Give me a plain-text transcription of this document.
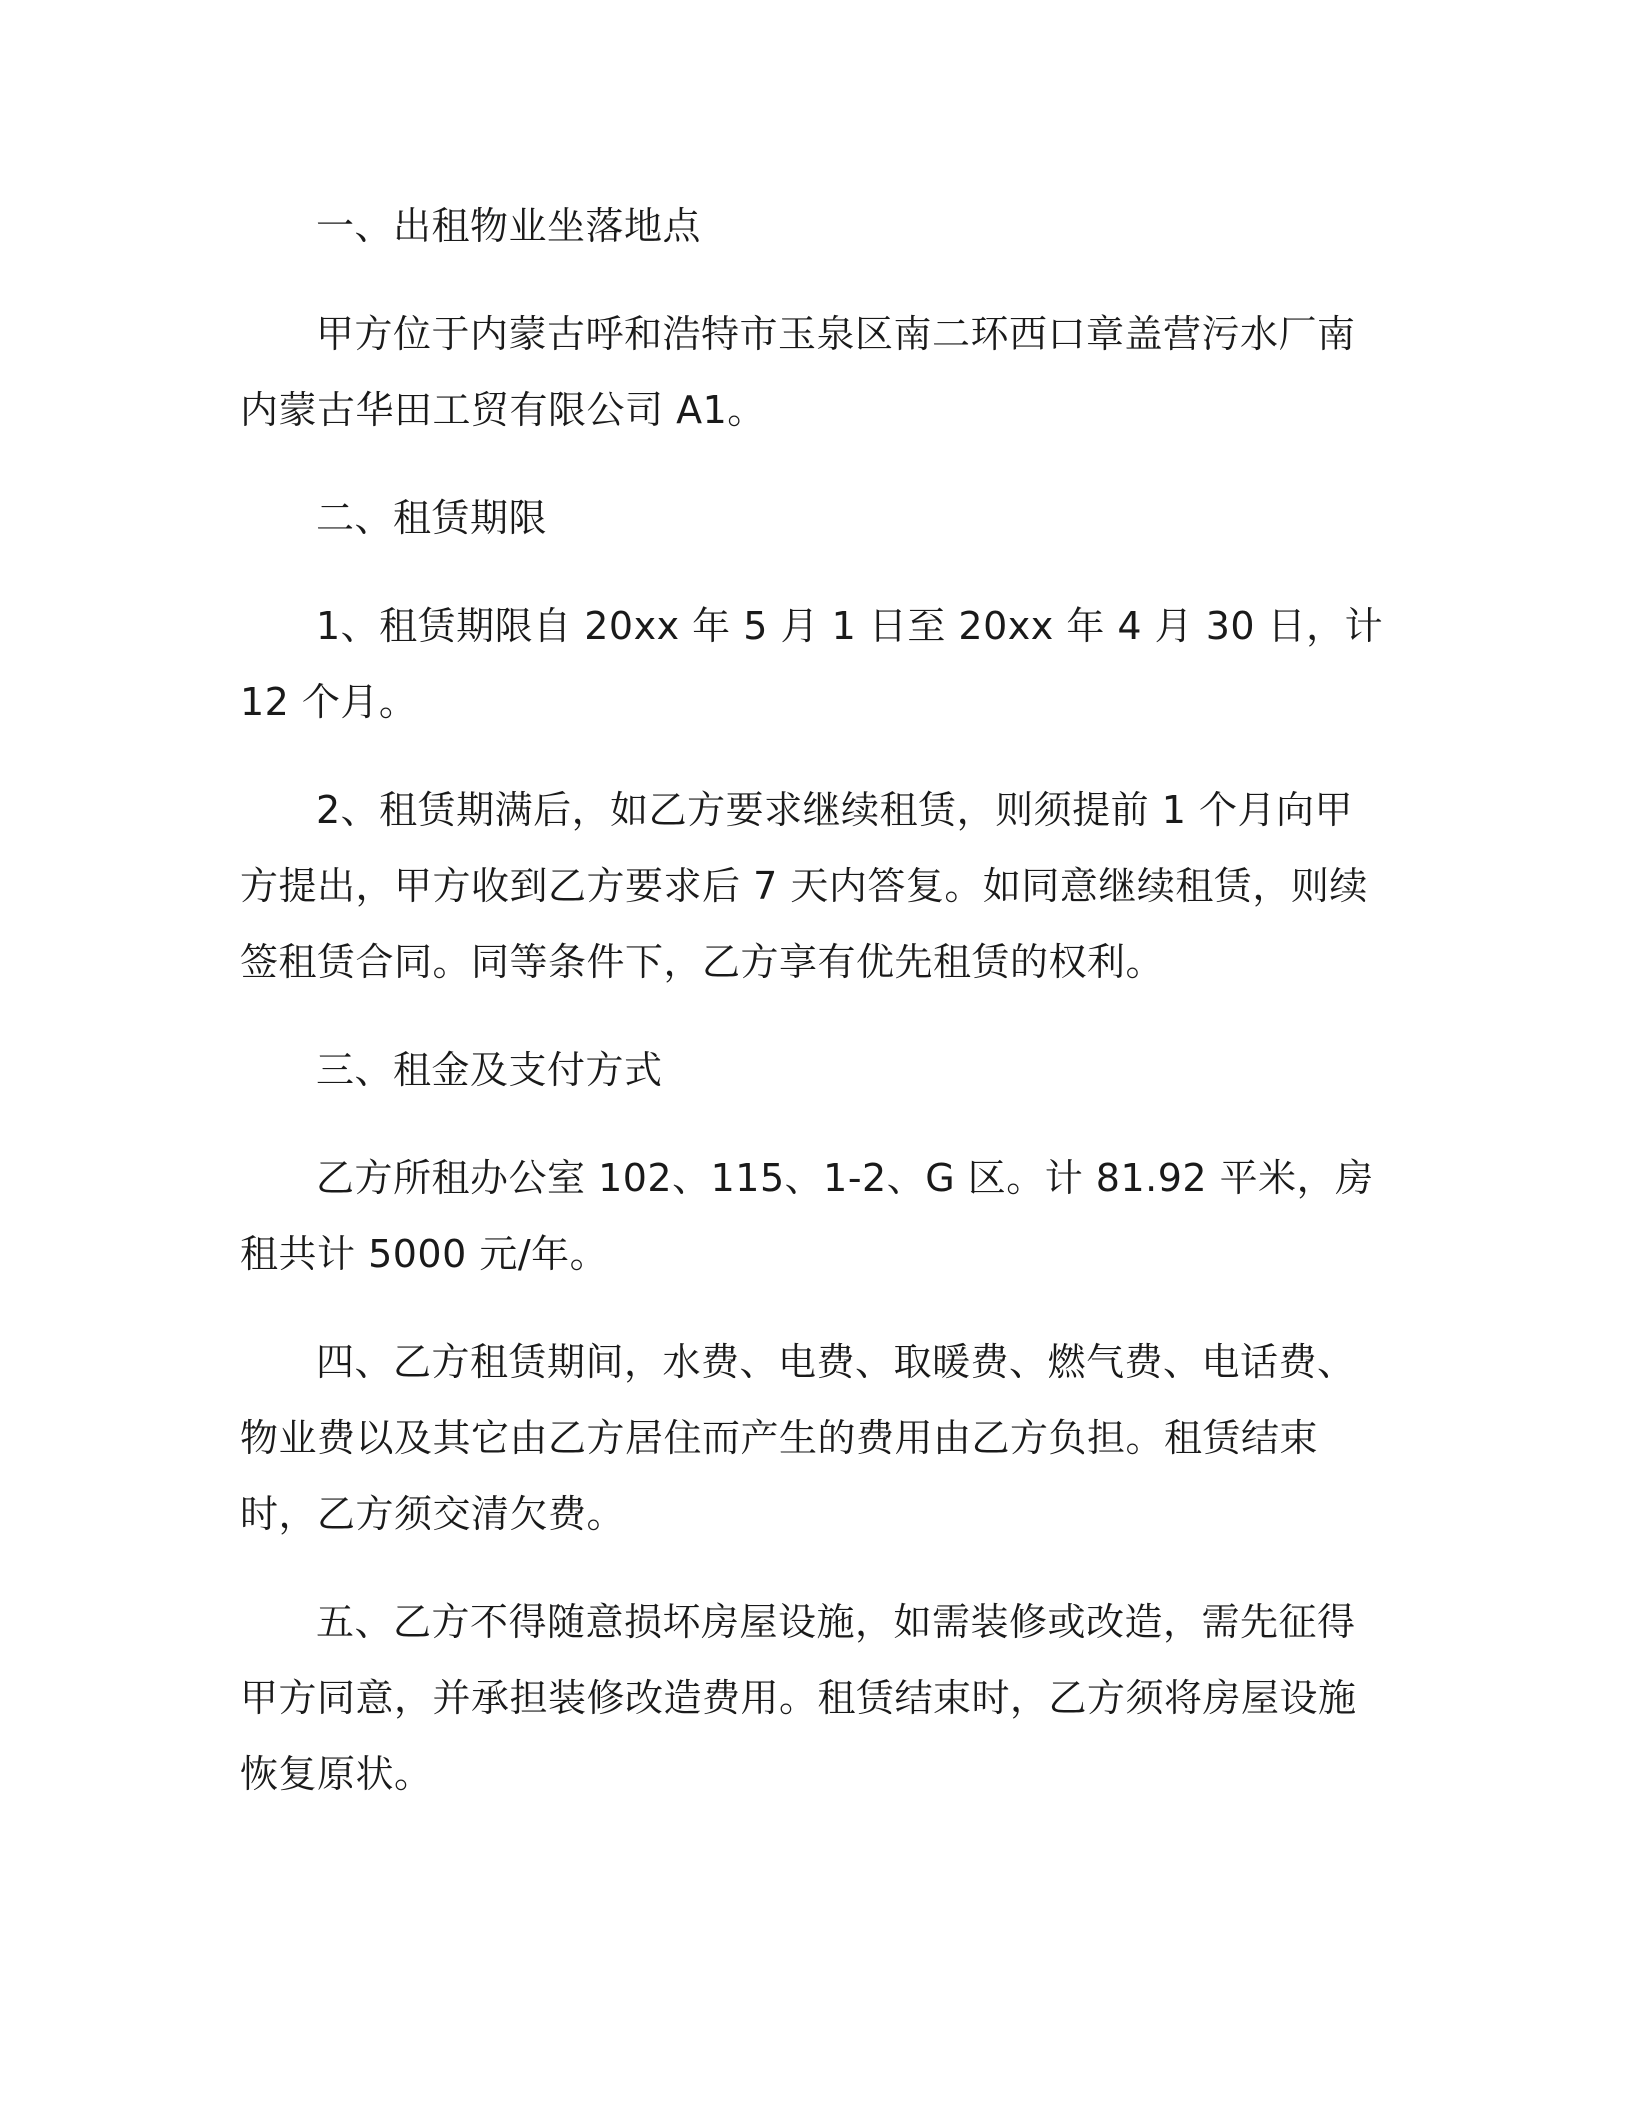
一、出租物业坐落地点

甲方位于内蒙古呼和浩特市玉泉区南二环西口章盖营污水厂南内蒙古华田工贸有限公司 A1。

二、租赁期限

1、租赁期限自 20xx 年 5 月 1 日至 20xx 年 4 月 30 日，计 12 个月。

2、租赁期满后，如乙方要求继续租赁，则须提前 1 个月向甲方提出，甲方收到乙方要求后 7 天内答复。如同意继续租赁，则续签租赁合同。同等条件下，乙方享有优先租赁的权利。

三、租金及支付方式

乙方所租办公室 102、115、1-2、G 区。计 81.92 平米，房租共计 5000 元/年。

四、乙方租赁期间，水费、电费、取暖费、燃气费、电话费、物业费以及其它由乙方居住而产生的费用由乙方负担。租赁结束时，乙方须交清欠费。

五、乙方不得随意损坏房屋设施，如需装修或改造，需先征得甲方同意，并承担装修改造费用。租赁结束时，乙方须将房屋设施恢复原状。
